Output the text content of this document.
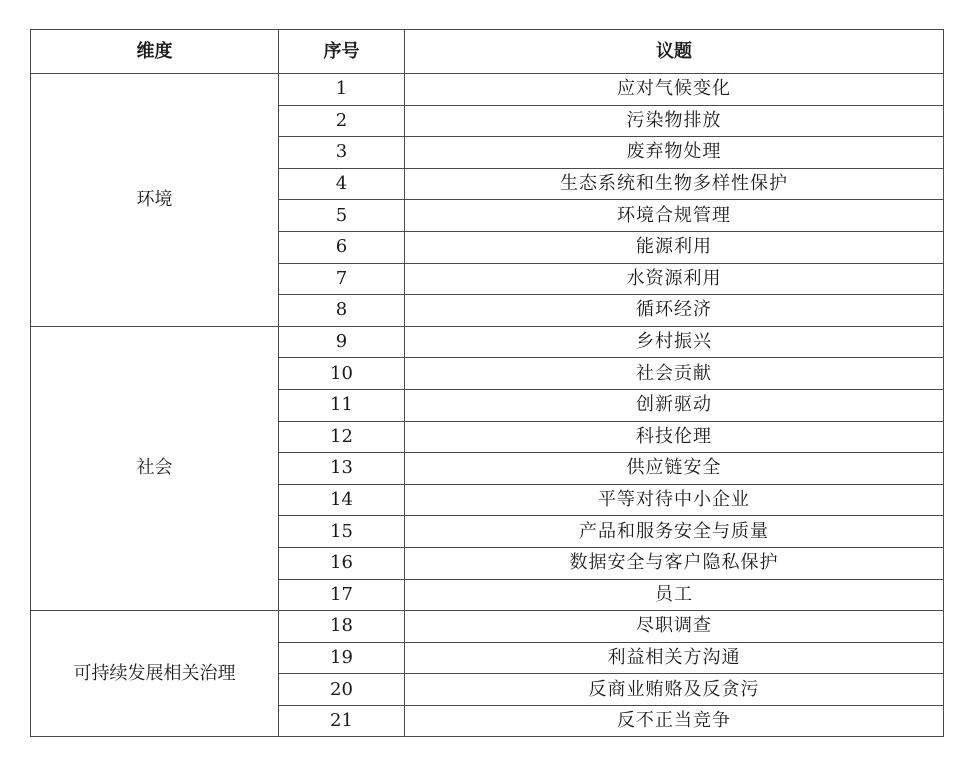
维度	序号	议题
环境	1	应对气候变化
	2	污染物排放
	3	废弃物处理
	4	生态系统和生物多样性保护
	5	环境合规管理
	6	能源利用
	7	水资源利用
	8	循环经济
社会	9	乡村振兴
	10	社会贡献
	11	创新驱动
	12	科技伦理
	13	供应链安全
	14	平等对待中小企业
	15	产品和服务安全与质量
	16	数据安全与客户隐私保护
	17	员工
可持续发展相关治理	18	尽职调查
	19	利益相关方沟通
	20	反商业贿赂及反贪污
	21	反不正当竞争
